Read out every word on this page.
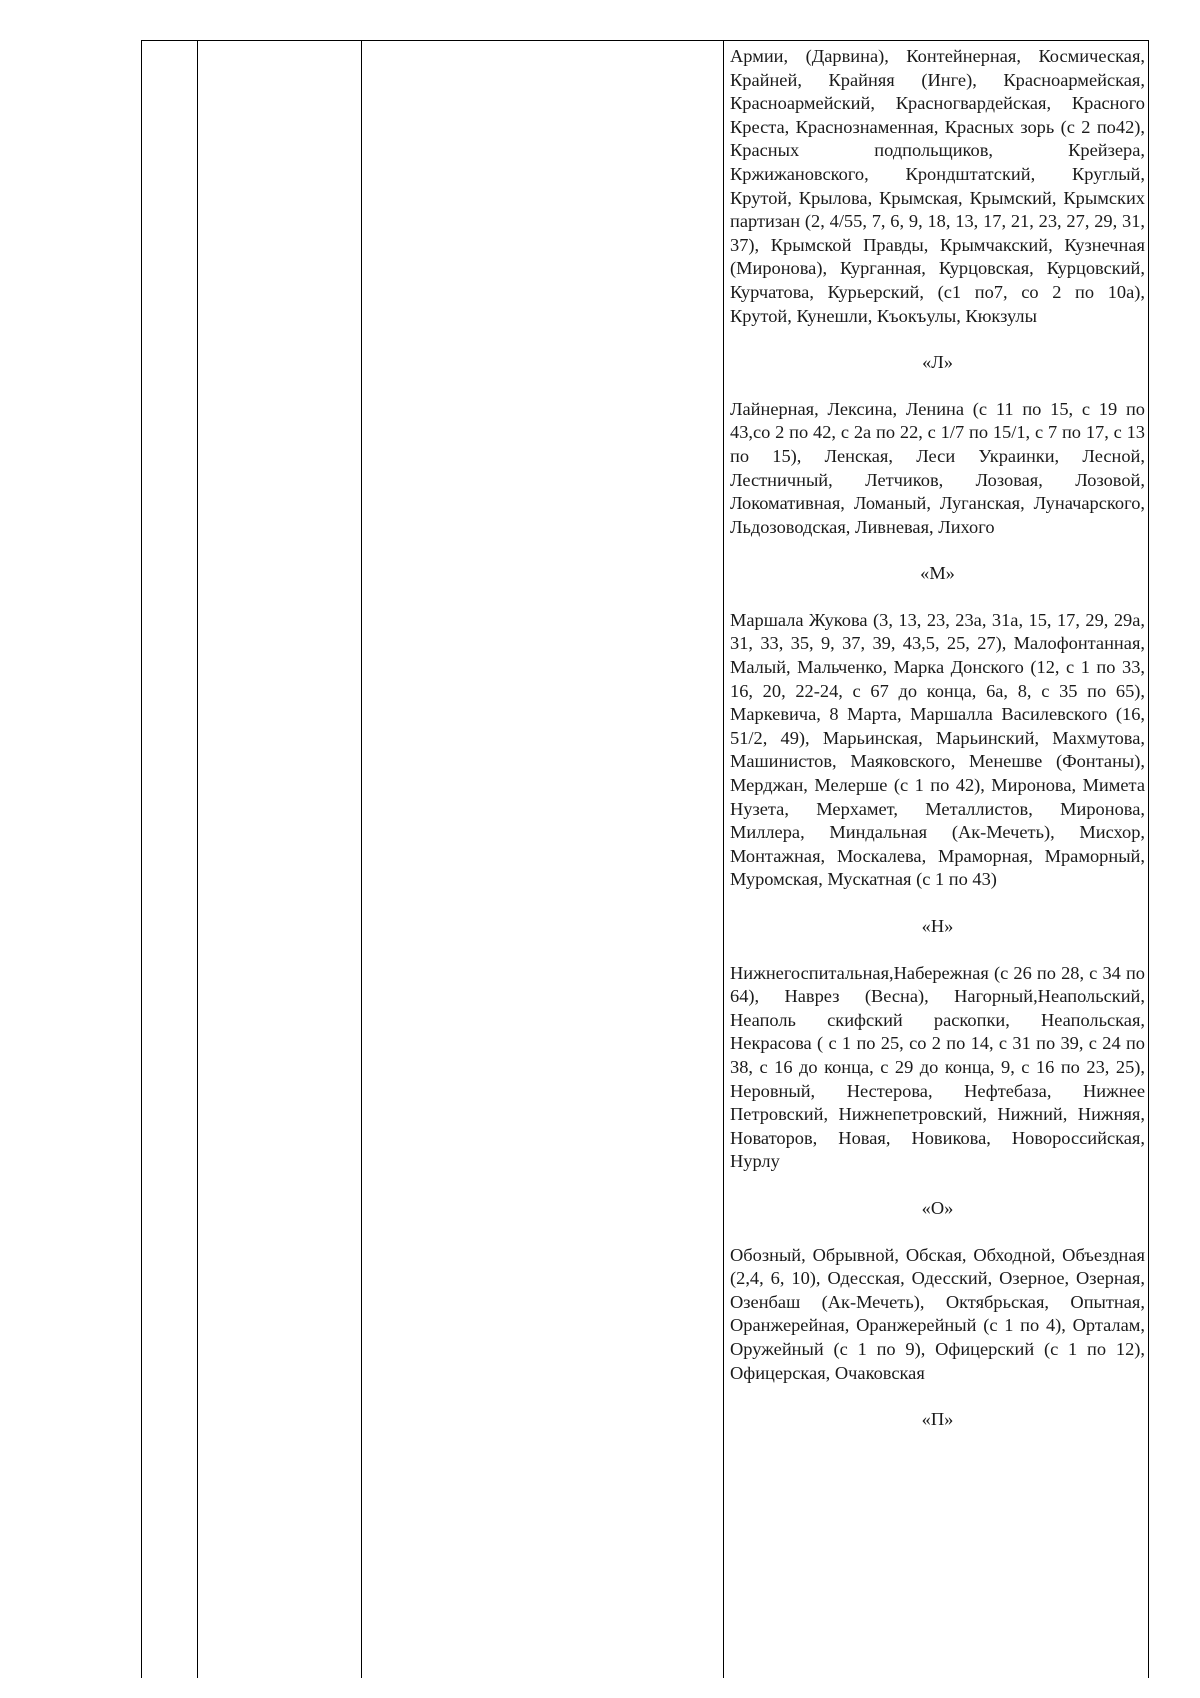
Армии, (Дарвина), Контейнерная, Космическая, Крайней, Крайняя (Инге), Красноармейская, Красноармейский, Красногвардейская, Красного Креста, Краснознаменная, Красных зорь (с 2 по42), Красных подпольщиков, Крейзера, Кржижановского, Крондштатский, Круглый, Крутой, Крылова, Крымская, Крымский, Крымских партизан (2, 4/55, 7, 6, 9, 18, 13, 17, 21, 23, 27, 29, 31, 37), Крымской Правды, Крымчакский, Кузнечная (Миронова), Курганная, Курцовская, Курцовский, Курчатова, Курьерский, (с1 по7, со 2 по 10а), Крутой, Кунешли, Къокъулы, Кюкзулы

«Л»

Лайнерная, Лексина, Ленина (с 11 по 15, с 19 по 43,со 2 по 42, с 2а по 22, с 1/7 по 15/1, с 7 по 17, с 13 по 15), Ленская, Леси Украинки, Лесной, Лестничный, Летчиков, Лозовая, Лозовой, Локомативная, Ломаный, Луганская, Луначарского, Льдозоводская, Ливневая, Лихого

«М»

Маршала Жукова (3, 13, 23, 23а, 31а, 15, 17, 29, 29а, 31, 33, 35, 9, 37, 39, 43,5, 25, 27), Малофонтанная, Малый, Мальченко, Марка Донского (12, с 1 по 33, 16, 20, 22-24, с 67 до конца, 6а, 8, с 35 по 65), Маркевича, 8 Марта, Маршалла Василевского (16, 51/2, 49), Марьинская, Марьинский, Махмутова, Машинистов, Маяковского, Менешве (Фонтаны), Мерджан, Мелерше (с 1 по 42), Миронова, Мимета Нузета, Мерхамет, Металлистов, Миронова, Миллера, Миндальная (Ак-Мечеть), Мисхор, Монтажная, Москалева, Мраморная, Мраморный, Муромская, Мускатная (с 1 по 43)

«Н»

Нижнегоспитальная,Набережная (с 26 по 28, с 34 по 64), Наврез (Весна), Нагорный,Неапольский, Неаполь скифский раскопки, Неапольская, Некрасова ( с 1 по 25, со 2 по 14, с 31 по 39, с 24 по 38, с 16 до конца, с 29 до конца, 9, с 16 по 23, 25), Неровный, Нестерова, Нефтебаза, Нижнее Петровский, Нижнепетровский, Нижний, Нижняя, Новаторов, Новая, Новикова, Новороссийская, Нурлу

«О»

Обозный, Обрывной, Обская, Обходной, Объездная (2,4, 6, 10), Одесская, Одесский, Озерное, Озерная, Озенбаш (Ак-Мечеть), Октябрьская, Опытная, Оранжерейная, Оранжерейный (с 1 по 4), Орталам, Оружейный (с 1 по 9), Офицерский (с 1 по 12), Офицерская, Очаковская

«П»
